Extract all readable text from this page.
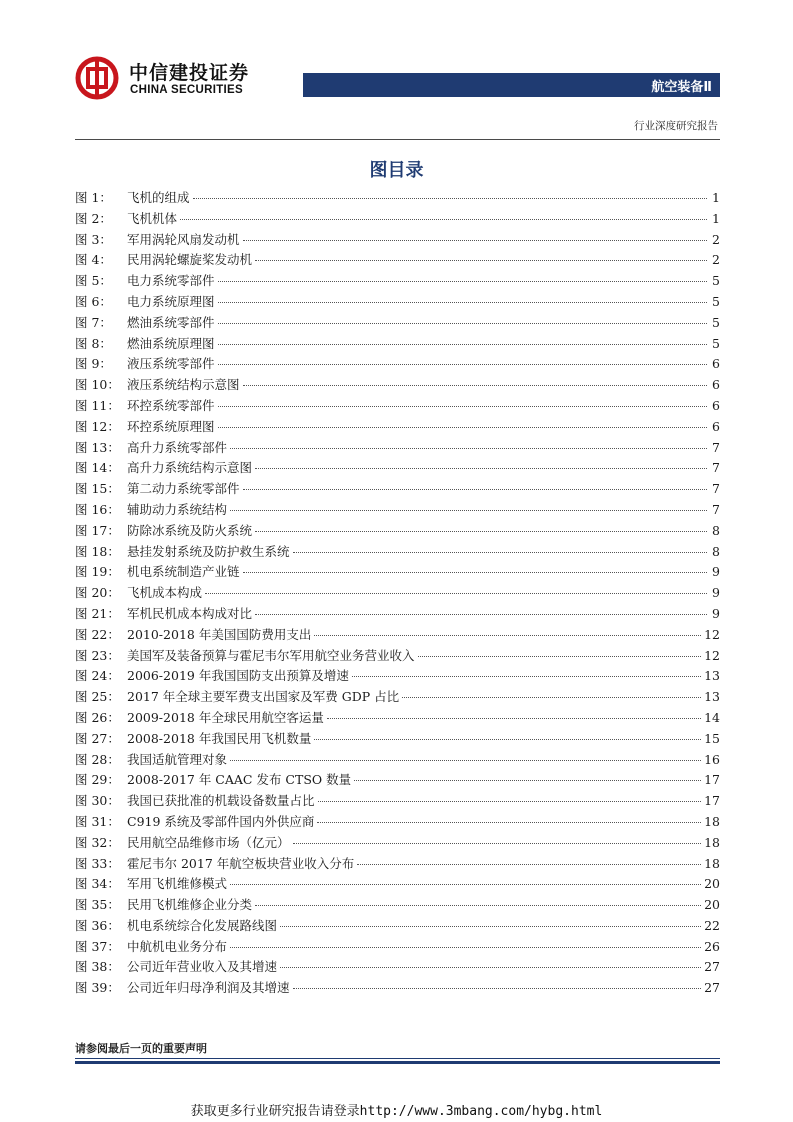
中信建投证券
CHINA SECURITIES	航空装备Ⅱ
行业深度研究报告
图目录
图 1：	飞机的组成	1
图 2：	飞机机体	1
图 3：	军用涡轮风扇发动机	2
图 4：	民用涡轮螺旋桨发动机	2
图 5：	电力系统零部件	5
图 6：	电力系统原理图	5
图 7：	燃油系统零部件	5
图 8：	燃油系统原理图	5
图 9：	液压系统零部件	6
图 10： 液压系统结构示意图	6
图 11： 环控系统零部件	6
图 12： 环控系统原理图	6
图 13： 高升力系统零部件	7
图 14： 高升力系统结构示意图	7
图 15： 第二动力系统零部件	7
图 16： 辅助动力系统结构	7
图 17： 防除冰系统及防火系统	8
图 18： 悬挂发射系统及防护救生系统	8
图 19： 机电系统制造产业链	9
图 20： 飞机成本构成	9
图 21： 军机民机成本构成对比	9
图 22： 2010-2018 年美国国防费用支出	12
图 23： 美国军及装备预算与霍尼韦尔军用航空业务营业收入	12
图 24： 2006-2019 年我国国防支出预算及增速	13
图 25： 2017 年全球主要军费支出国家及军费 GDP 占比	13
图 26： 2009-2018 年全球民用航空客运量	14
图 27： 2008-2018 年我国民用飞机数量	15
图 28： 我国适航管理对象	16
图 29： 2008-2017 年 CAAC 发布 CTSO 数量	17
图 30： 我国已获批准的机载设备数量占比	17
图 31： C919 系统及零部件国内外供应商	18
图 32： 民用航空品维修市场（亿元）	18
图 33： 霍尼韦尔 2017 年航空板块营业收入分布	18
图 34： 军用飞机维修模式	20
图 35： 民用飞机维修企业分类	20
图 36： 机电系统综合化发展路线图	22
图 37： 中航机电业务分布	26
图 38： 公司近年营业收入及其增速	27
图 39： 公司近年归母净利润及其增速	27
请参阅最后一页的重要声明
获取更多行业研究报告请登录http://www.3mbang.com/hybg.html
